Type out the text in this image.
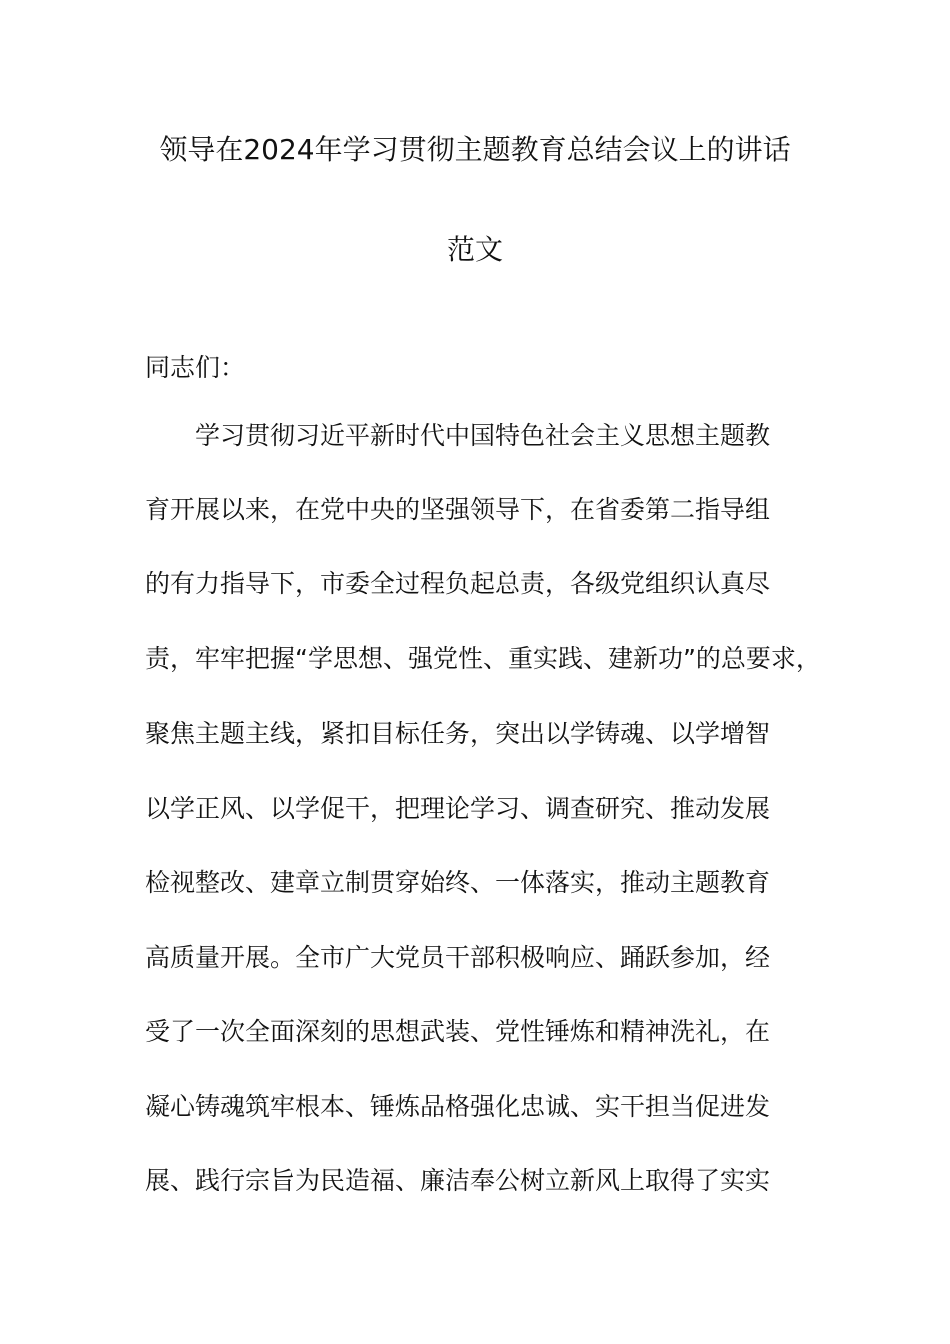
领导在2024年学习贯彻主题教育总结会议上的讲话
范文
同志们：
　　学习贯彻习近平新时代中国特色社会主义思想主题教
育开展以来，在党中央的坚强领导下，在省委第二指导组
的有力指导下，市委全过程负起总责，各级党组织认真尽
责，牢牢把握“学思想、强党性、重实践、建新功”的总要求，
聚焦主题主线，紧扣目标任务，突出以学铸魂、以学增智
以学正风、以学促干，把理论学习、调查研究、推动发展
检视整改、建章立制贯穿始终、一体落实，推动主题教育
高质量开展。全市广大党员干部积极响应、踊跃参加，经
受了一次全面深刻的思想武装、党性锤炼和精神洗礼，在
凝心铸魂筑牢根本、锤炼品格强化忠诚、实干担当促进发
展、践行宗旨为民造福、廉洁奉公树立新风上取得了实实
